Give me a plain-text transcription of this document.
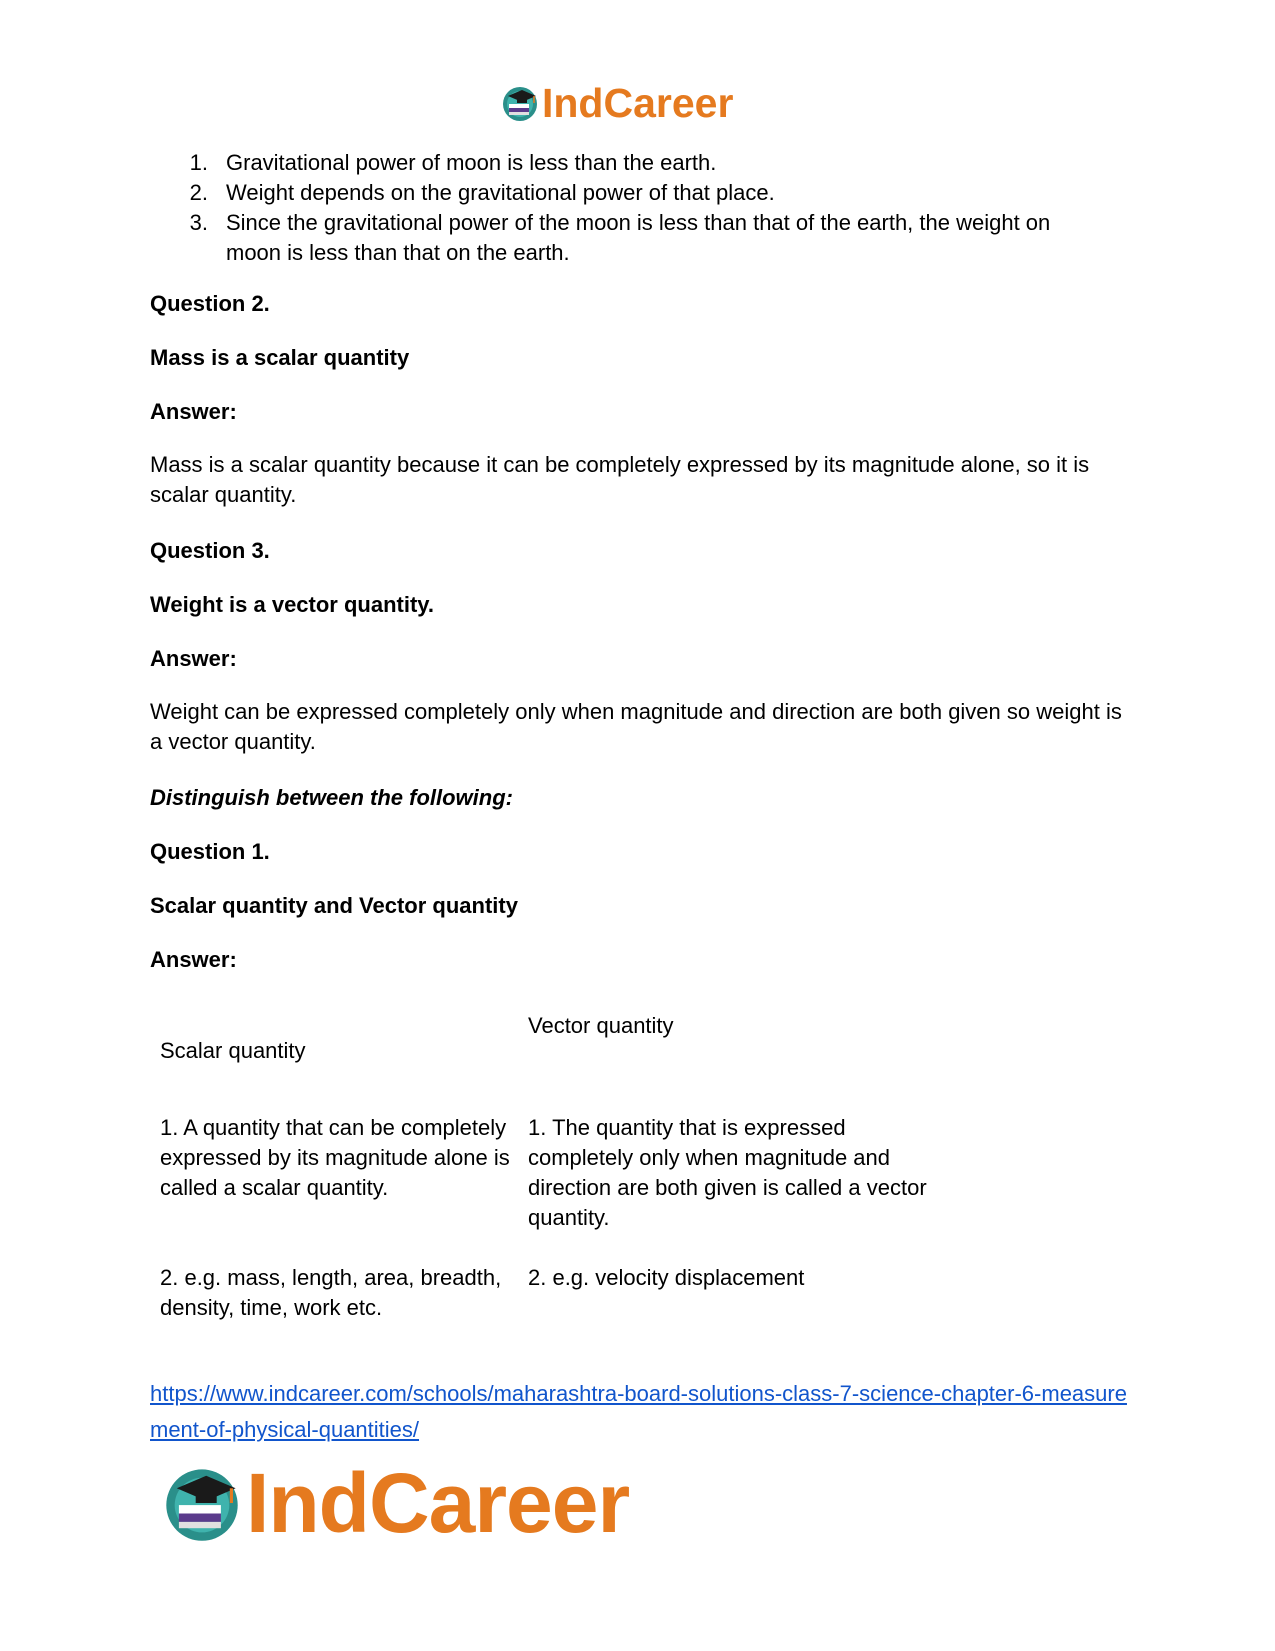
IndCareer
1. Gravitational power of moon is less than the earth.
2. Weight depends on the gravitational power of that place.
3. Since the gravitational power of the moon is less than that of the earth, the weight on moon is less than that on the earth.

Question 2.

Mass is a scalar quantity

Answer:

Mass is a scalar quantity because it can be completely expressed by its magnitude alone, so it is scalar quantity.

Question 3.

Weight is a vector quantity.

Answer:

Weight can be expressed completely only when magnitude and direction are both given so weight is a vector quantity.

Distinguish between the following:

Question 1.

Scalar quantity and Vector quantity

Answer:

Scalar quantity

Vector quantity

1. A quantity that can be completely expressed by its magnitude alone is called a scalar quantity.

1. The quantity that is expressed completely only when magnitude and direction are both given is called a vector quantity.

2. e.g. mass, length, area, breadth, density, time, work etc.

2. e.g. velocity displacement

https://www.indcareer.com/schools/maharashtra-board-solutions-class-7-science-chapter-6-measurement-of-physical-quantities/
IndCareer
